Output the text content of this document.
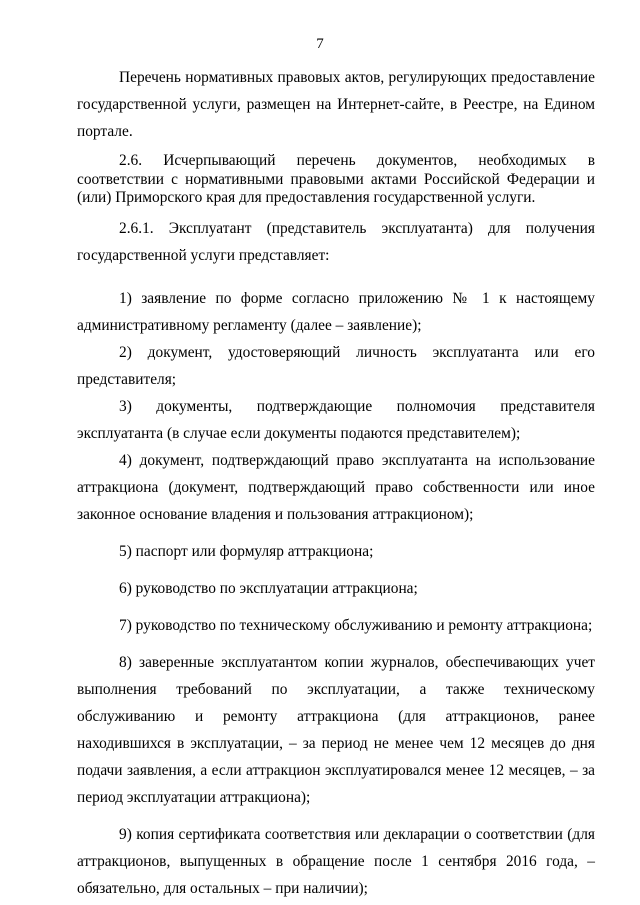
7

Перечень нормативных правовых актов, регулирующих предоставление государственной услуги, размещен на Интернет-сайте, в Реестре, на Едином портале.

2.6. Исчерпывающий перечень документов, необходимых в соответствии с нормативными правовыми актами Российской Федерации и (или) Приморского края для предоставления государственной услуги.

2.6.1. Эксплуатант (представитель эксплуатанта) для получения государственной услуги представляет:

1) заявление по форме согласно приложению № 1 к настоящему административному регламенту (далее – заявление);

2) документ, удостоверяющий личность эксплуатанта или его представителя;

3) документы, подтверждающие полномочия представителя эксплуатанта (в случае если документы подаются представителем);

4) документ, подтверждающий право эксплуатанта на использование аттракциона (документ, подтверждающий право собственности или иное законное основание владения и пользования аттракционом);

5) паспорт или формуляр аттракциона;

6) руководство по эксплуатации аттракциона;

7) руководство по техническому обслуживанию и ремонту аттракциона;

8) заверенные эксплуатантом копии журналов, обеспечивающих учет выполнения требований по эксплуатации, а также техническому обслуживанию и ремонту аттракциона (для аттракционов, ранее находившихся в эксплуатации, – за период не менее чем 12 месяцев до дня подачи заявления, а если аттракцион эксплуатировался менее 12 месяцев, – за период эксплуатации аттракциона);

9) копия сертификата соответствия или декларации о соответствии (для аттракционов, выпущенных в обращение после 1 сентября 2016 года, – обязательно, для остальных – при наличии);
